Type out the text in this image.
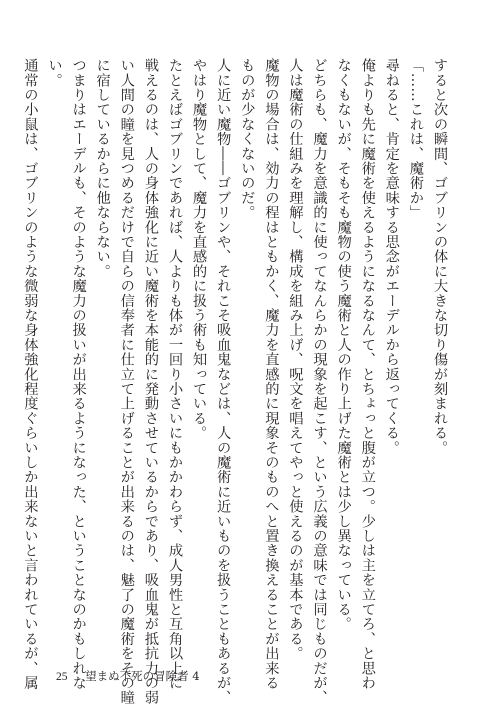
すると次の瞬間、ゴブリンの体に大きな切り傷が刻まれる。
「……これは、魔術か」
尋ねると、肯定を意味する思念がエーデルから返ってくる。
俺よりも先に魔術を使えるようになるなんて、とちょっと腹が立つ。少しは主を立てろ、と思わ
なくもないが、そもそも魔物の使う魔術と人の作り上げた魔術とは少し異なっている。
どちらも、魔力を意識的に使ってなんらかの現象を起こす、という広義の意味では同じものだが、
人は魔術の仕組みを理解し、構成を組み上げ、呪文を唱えてやっと使えるのが基本である。
魔物の場合は、効力の程はともかく、魔力を直感的に現象そのものへと置き換えることが出来る
ものが少なくないのだ。
人に近い魔物――ゴブリンや、それこそ吸血鬼などは、人の魔術に近いものを扱うこともあるが、
やはり魔物として、魔力を直感的に扱う術も知っている。
たとえばゴブリンであれば、人よりも体が一回り小さいにもかかわらず、成人男性と互角以上に
戦えるのは、人の身体強化に近い魔術を本能的に発動させているからであり、吸血鬼が抵抗力の弱
い人間の瞳を見つめるだけで自らの信奉者に仕立て上げることが出来るのは、魅了の魔術をその瞳
に宿しているからに他ならない。
つまりはエーデルも、そのような魔力の扱いが出来るようになった、ということなのかもしれな
い。
通常の小鼠は、ゴブリンのような微弱な身体強化程度ぐらいしか出来ないと言われているが、属	25 望まぬ不死の冒険者 4
